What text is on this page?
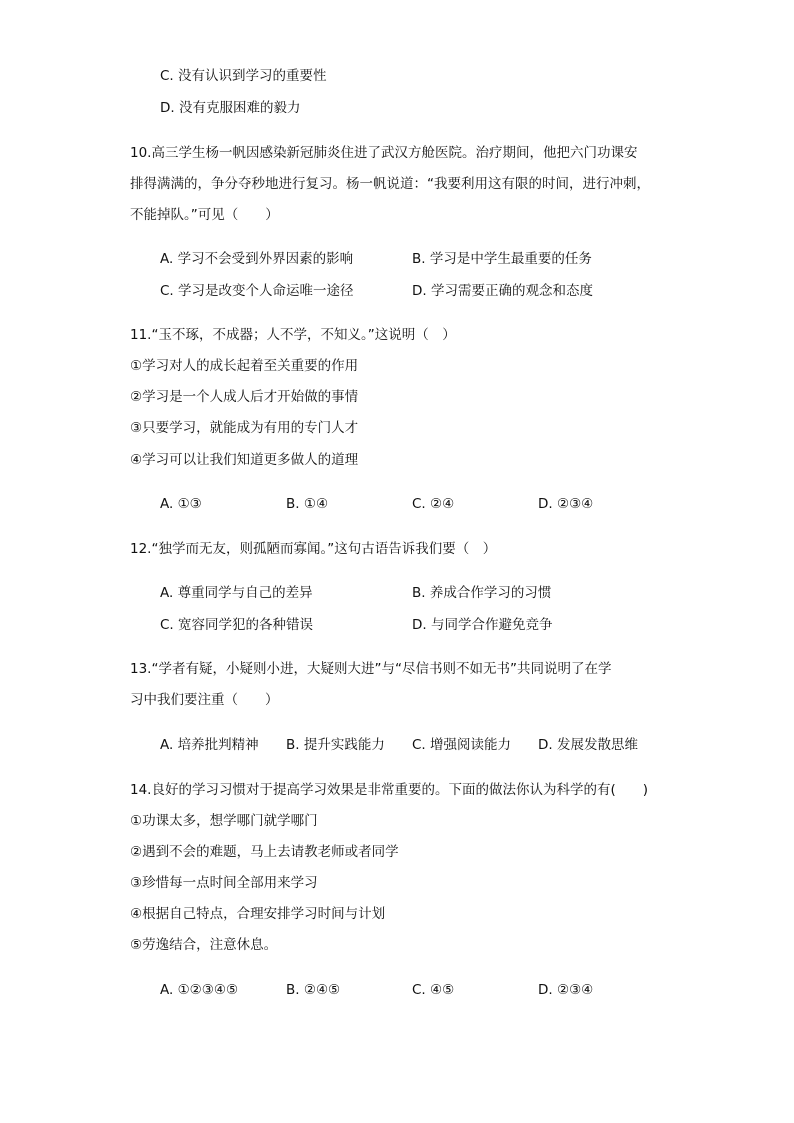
C. 没有认识到学习的重要性
D. 没有克服困难的毅力
10.高三学生杨一帆因感染新冠肺炎住进了武汉方舱医院。治疗期间，他把六门功课安
排得满满的，争分夺秒地进行复习。杨一帆说道：“我要利用这有限的时间，进行冲刺，
不能掉队。”可见（　　）
A. 学习不会受到外界因素的影响	B. 学习是中学生最重要的任务
C. 学习是改变个人命运唯一途径	D. 学习需要正确的观念和态度
11.“玉不琢，不成器；人不学，不知义。”这说明（　）
①学习对人的成长起着至关重要的作用
②学习是一个人成人后才开始做的事情
③只要学习，就能成为有用的专门人才
④学习可以让我们知道更多做人的道理
A. ①③	B. ①④	C. ②④	D. ②③④
12.“独学而无友，则孤陋而寡闻。”这句古语告诉我们要（　）
A. 尊重同学与自己的差异	B. 养成合作学习的习惯
C. 宽容同学犯的各种错误	D. 与同学合作避免竞争
13.“学者有疑，小疑则小进，大疑则大进”与“尽信书则不如无书”共同说明了在学
习中我们要注重（　　）
A. 培养批判精神 B. 提升实践能力 C. 增强阅读能力 D. 发展发散思维
14.良好的学习习惯对于提高学习效果是非常重要的。下面的做法你认为科学的有(　　)
①功课太多，想学哪门就学哪门
②遇到不会的难题，马上去请教老师或者同学
③珍惜每一点时间全部用来学习
④根据自己特点，合理安排学习时间与计划
⑤劳逸结合，注意休息。
A. ①②③④⑤	B. ②④⑤	C. ④⑤	D. ②③④
